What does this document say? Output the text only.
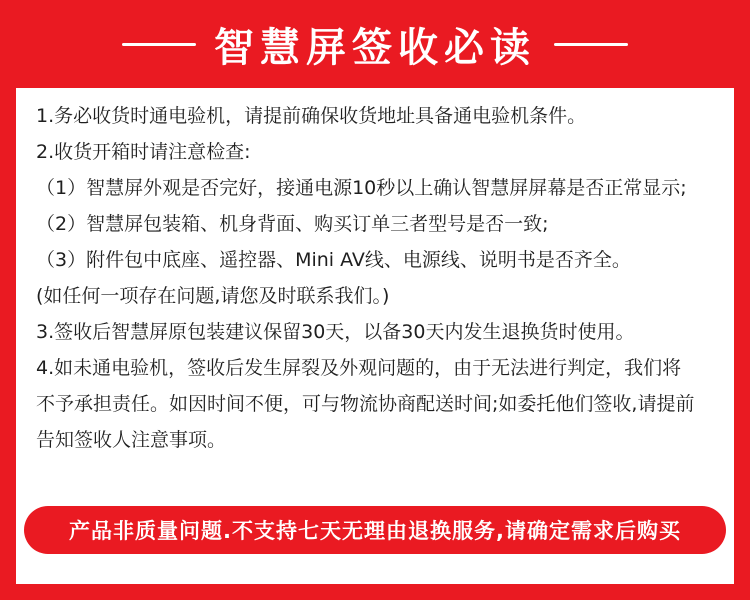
智慧屏签收必读
1.务必收货时通电验机，请提前确保收货地址具备通电验机条件。
2.收货开箱时请注意检查:
（1）智慧屏外观是否完好，接通电源10秒以上确认智慧屏屏幕是否正常显示;
（2）智慧屏包装箱、机身背面、购买订单三者型号是否一致;
（3）附件包中底座、遥控器、Mini AV线、电源线、说明书是否齐全。
(如任何一项存在问题,请您及时联系我们。)
3.签收后智慧屏原包装建议保留30天，以备30天内发生退换货时使用。
4.如未通电验机，签收后发生屏裂及外观问题的，由于无法进行判定，我们将
不予承担责任。如因时间不便，可与物流协商配送时间;如委托他们签收,请提前
告知签收人注意事项。
产品非质量问题.不支持七天无理由退换服务,请确定需求后购买
